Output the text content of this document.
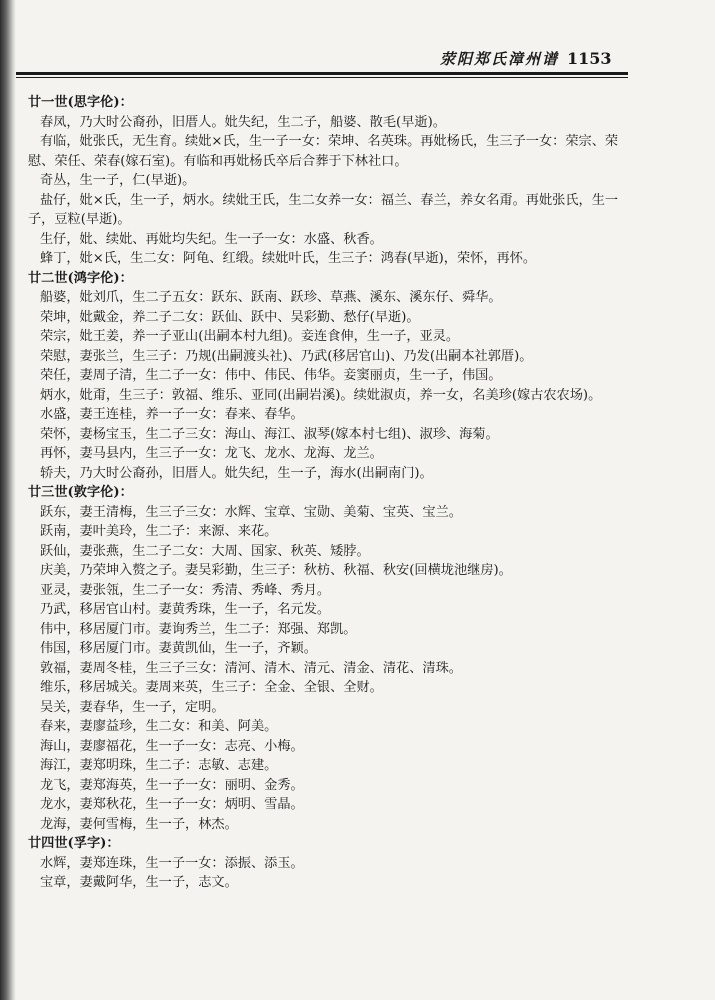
荥阳郑氏漳州谱 1153
廿一世(思字伦)：
春凤，乃大时公裔孙，旧厝人。妣失纪，生二子，船婆、散毛(早逝)。
有临，妣张氏，无生育。续妣×氏，生一子一女：荣坤、名英珠。再妣杨氏，生三子一女：荣宗、荣
慰、荣任、荣春(嫁石室)。有临和再妣杨氏卒后合葬于下林社口。
奇丛，生一子，仁(早逝)。
盐仔，妣×氏，生一子，炳水。续妣王氏，生二女养一女：福兰、春兰，养女名甭。再妣张氏，生一
子，豆粒(早逝)。
生仔，妣、续妣、再妣均失纪。生一子一女：水盛、秋香。
蜂丁，妣×氏，生二女：阿龟、红缎。续妣叶氏，生三子：鸿春(早逝)，荣怀，再怀。
廿二世(鸿字伦)：
船婆，妣刘爪，生二子五女：跃东、跃南、跃珍、草燕、溪东、溪东仔、舜华。
荣坤，妣戴金，养二子二女：跃仙、跃中、吴彩勤、愁仔(早逝)。
荣宗，妣王姜，养一子亚山(出嗣本村九组)。妾连食伸，生一子，亚灵。
荣慰，妻张兰，生三子：乃规(出嗣渡头社)、乃武(移居官山)、乃发(出嗣本社郭厝)。
荣任，妻周子清，生二子一女：伟中、伟民、伟华。妾窦丽贞，生一子，伟国。
炳水，妣甭，生三子：敦福、维乐、亚同(出嗣岩溪)。续妣淑贞，养一女，名美珍(嫁古农农场)。
水盛，妻王连桂，养一子一女：春来、春华。
荣怀，妻杨宝玉，生二子三女：海山、海江、淑琴(嫁本村七组)、淑珍、海菊。
再怀，妻马县内，生三子一女：龙飞、龙水、龙海、龙兰。
轿夫，乃大时公裔孙，旧厝人。妣失纪，生一子，海水(出嗣南门)。
廿三世(敦字伦)：
跃东，妻王清梅，生三子三女：水辉、宝章、宝勋、美菊、宝英、宝兰。
跃南，妻叶美玲，生二子：来源、来花。
跃仙，妻张燕，生二子二女：大周、国家、秋英、矮脖。
庆美，乃荣坤入赘之子。妻吴彩勤，生三子：秋枋、秋福、秋安(回横垅池继房)。
亚灵，妻张瓴，生二子一女：秀清、秀峰、秀月。
乃武，移居官山村。妻黄秀珠，生一子，名元发。
伟中，移居厦门市。妻询秀兰，生二子：郑强、郑凯。
伟国，移居厦门市。妻黄凯仙，生一子，齐颖。
敦福，妻周冬桂，生三子三女：清河、清木、清元、清金、清花、清珠。
维乐，移居城关。妻周来英，生三子：全金、全银、全财。
吴关，妻春华，生一子，定明。
春来，妻廖益珍，生二女：和美、阿美。
海山，妻廖福花，生一子一女：志亮、小梅。
海江，妻郑明珠，生二子：志敏、志建。
龙飞，妻郑海英，生一子一女：丽明、金秀。
龙水，妻郑秋花，生一子一女：炳明、雪晶。
龙海，妻何雪梅，生一子，林杰。
廿四世(孚字)：
水辉，妻郑连珠，生一子一女：添振、添玉。
宝章，妻戴阿华，生一子，志文。
